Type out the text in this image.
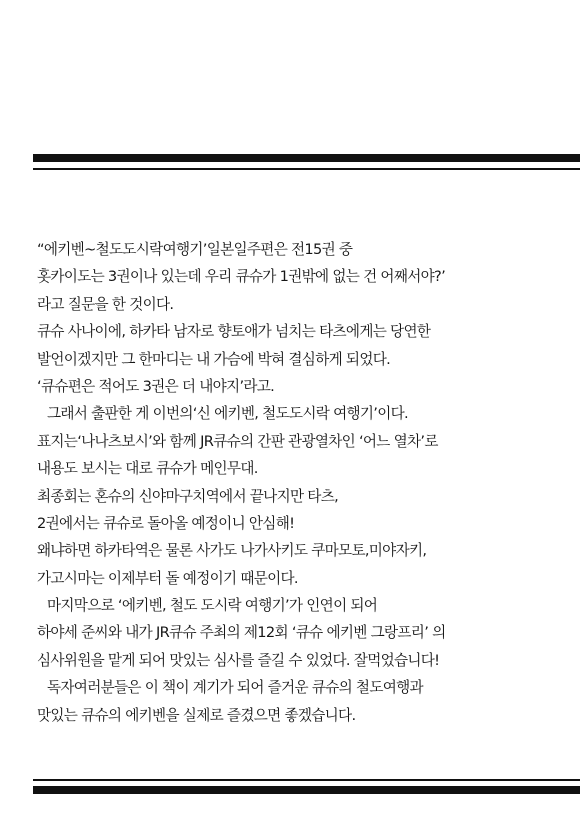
“에키벤~철도도시락여행기’일본일주편은 전15권 중
홋카이도는 3권이나 있는데 우리 큐슈가 1권밖에 없는 건 어째서야?’
라고 질문을 한 것이다.
큐슈 사나이에, 하카타 남자로 향토애가 넘치는 타츠에게는 당연한
발언이겠지만 그 한마디는 내 가슴에 박혀 결심하게 되었다.
‘큐슈편은 적어도 3권은 더 내야지’라고.
그래서 출판한 게 이번의‘신 에키벤, 철도도시락 여행기’이다.
표지는‘나나츠보시’와 함께 JR큐슈의 간판 관광열차인 ‘어느 열차’로
내용도 보시는 대로 큐슈가 메인무대.
최종회는 혼슈의 신야마구치역에서 끝나지만 타츠,
2권에서는 큐슈로 돌아올 예정이니 안심해!
왜냐하면 하카타역은 물론 사가도 나가사키도 쿠마모토,미야자키,
가고시마는 이제부터 돌 예정이기 때문이다.
마지막으로 ‘에키벤, 철도 도시락 여행기’가 인연이 되어
하야세 준씨와 내가 JR큐슈 주최의 제12회 ‘큐슈 에키벤 그랑프리’ 의
심사위원을 맡게 되어 맛있는 심사를 즐길 수 있었다. 잘먹었습니다!
독자여러분들은 이 책이 계기가 되어 즐거운 큐슈의 철도여행과
맛있는 큐슈의 에키벤을 실제로 즐겼으면 좋겠습니다.
